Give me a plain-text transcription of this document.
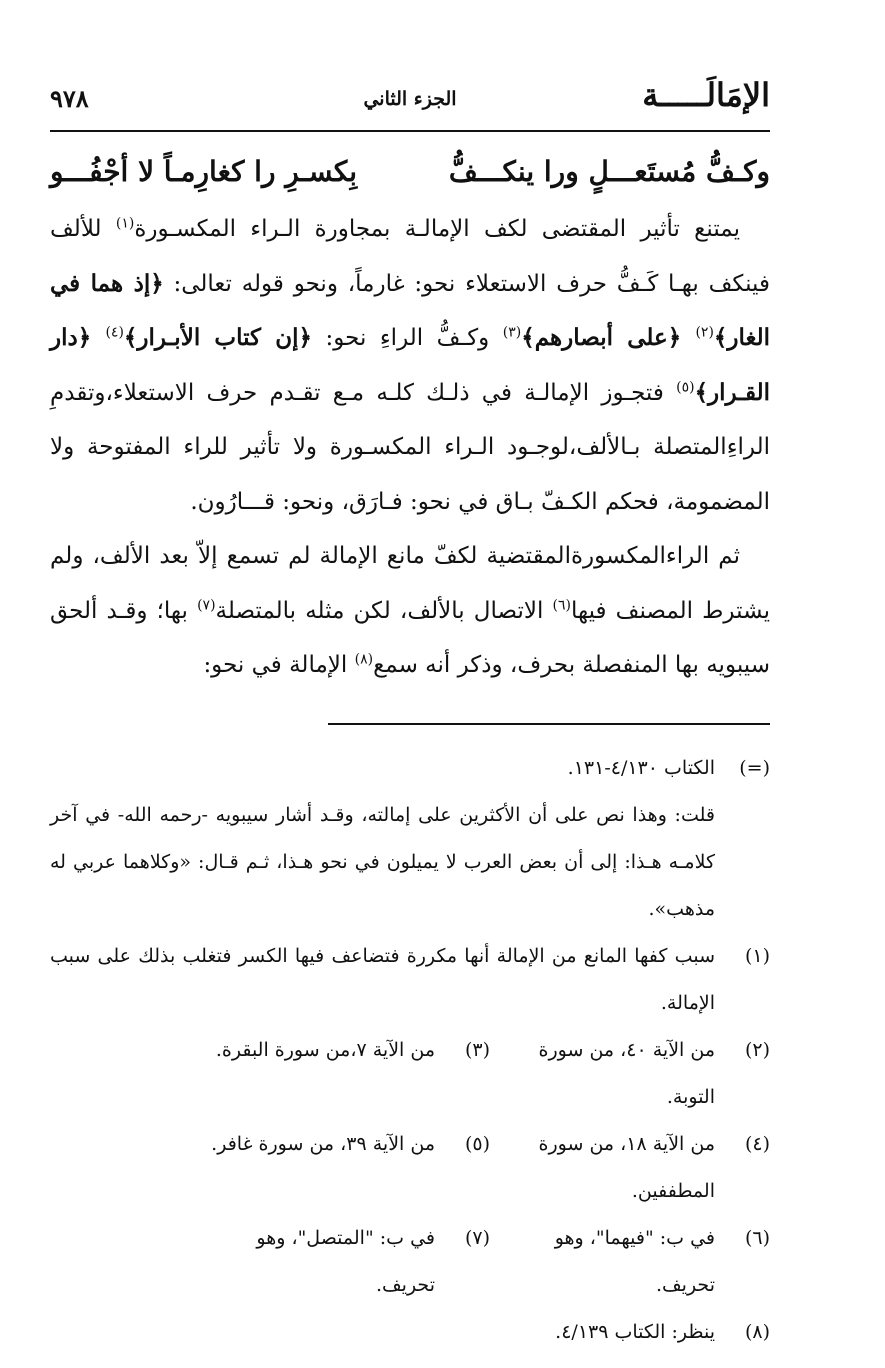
الإمَالَـــــة
الجزء الثاني
٩٧٨
وكـفُّ مُستَعـــلٍ ورا ينكـــفُّ
بِكسـرِ را كغارِمـاً لا أجْفُـــو

يمتنع تأثير المقتضى لكف الإمالـة بمجاورة الـراء المكسـورة$^{(١)}$ للألف فينكف بهـا كَـفُّ حرف الاستعلاء نحو: غارماً، ونحو قوله تعالى: ﴿إذ هما في الغار﴾$^{(٢)}$ ﴿على أبصارهم﴾$^{(٣)}$ وكـفُّ الراءِ نحو: ﴿إن كتاب الأبـرار﴾$^{(٤)}$ ﴿دار القـرار﴾$^{(٥)}$ فتجـوز الإمالـة في ذلـك كلـه مـع تقـدم حرف الاستعلاء،وتقدمِ الراءِالمتصلة بـالألف،لوجـود الـراء المكسـورة ولا تأثير للراء المفتوحة ولا المضمومة، فحكم الكـفّ بـاق في نحو: فـارَق، ونحو: قـــارُون.

ثم الراءالمكسورةالمقتضية لكفّ مانع الإمالة لم تسمع إلاّ بعد الألف، ولم يشترط المصنف فيها$^{(٦)}$ الاتصال بالألف، لكن مثله بالمتصلة$^{(٧)}$ بها؛ وقـد ألحق سيبويه بها المنفصلة بحرف، وذكر أنه سمع$^{(٨)}$ الإمالة في نحو:

(=)
الكتاب ٤/١٣٠-١٣١.
قلت: وهذا نص على أن الأكثرين على إمالته، وقـد أشار سيبويه -رحمه الله- في آخر كلامـه هـذا: إلى أن بعض العرب لا يميلون في نحو هـذا، ثـم قـال: «وكلاهما عربي له مذهب».
(١)
سبب كفها المانع من الإمالة أنها مكررة فتضاعف فيها الكسر فتغلب بذلك على سبب الإمالة.
(٢)
من الآية ٤٠، من سورة التوبة.
(٣)
من الآية ٧،من سورة البقرة.
(٤)
من الآية ١٨، من سورة المطففين.
(٥)
من الآية ٣٩، من سورة غافر.
(٦)
في ب: "فيهما"، وهو تحريف.
(٧)
في ب: "المتصل"، وهو تحريف.
(٨)
ينظر: الكتاب ٤/١٣٩.
